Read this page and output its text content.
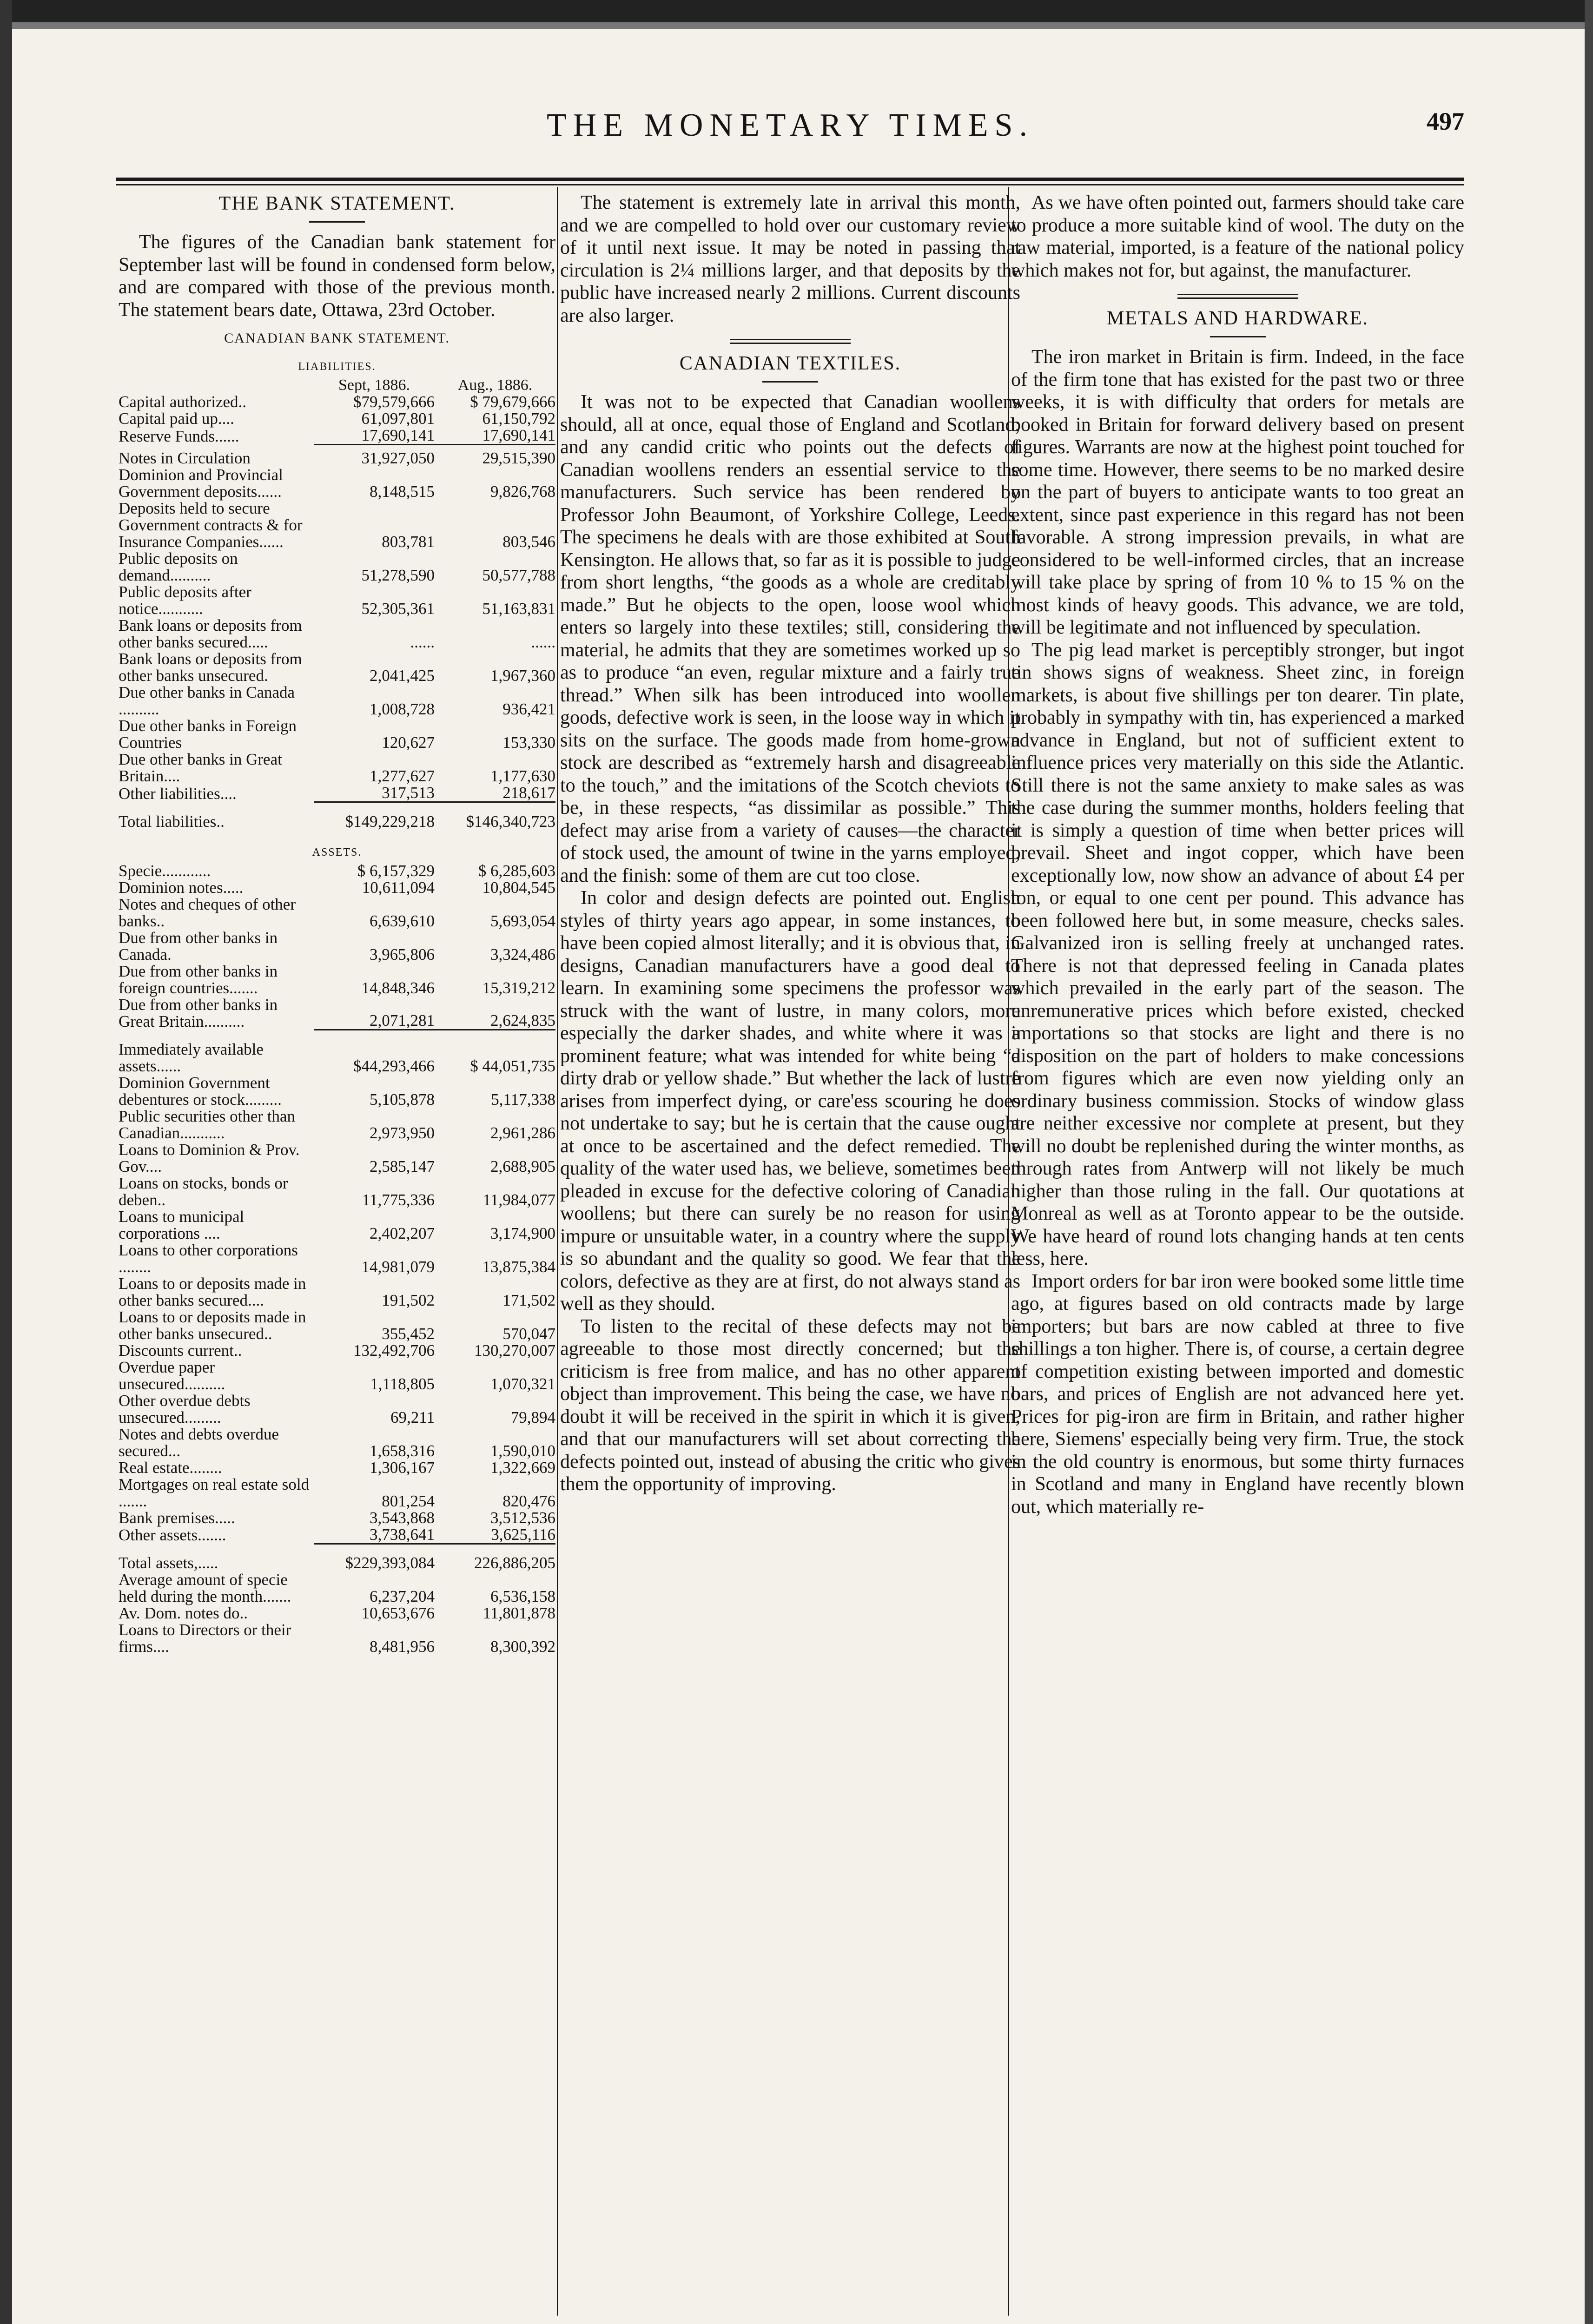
THE MONETARY TIMES.	497
THE BANK STATEMENT.

The figures of the Canadian bank statement for September last will be found in condensed form below, and are compared with those of the previous month. The statement bears date, Ottawa, 23rd October.

CANADIAN BANK STATEMENT.
LIABILITIES.		

	Sept, 1886.	Aug., 1886.
Capital authorized..	$79,579,666	$ 79,679,666
Capital paid up....	61,097,801	61,150,792
Reserve Funds......	17,690,141	17,690,141
Notes in Circulation	31,927,050	29,515,390
Dominion and Provincial Government deposits......	8,148,515	9,826,768
Deposits held to secure Government contracts & for Insurance Companies......	803,781	803,546
Public deposits on demand..........	51,278,590	50,577,788
Public deposits after notice...........	52,305,361	51,163,831
Bank loans or deposits from other banks secured.....	......	......
Bank loans or deposits from other banks unsecured.	2,041,425	1,967,360
Due other banks in Canada ..........	1,008,728	936,421
Due other banks in Foreign Countries	120,627	153,330
Due other banks in Great Britain....	1,277,627	1,177,630
Other liabilities....	317,513	218,617
Total liabilities..	$149,229,218	$146,340,723

ASSETS.		

Specie............	$ 6,157,329	$ 6,285,603
Dominion notes.....	10,611,094	10,804,545
Notes and cheques of other banks..	6,639,610	5,693,054
Due from other banks in Canada.	3,965,806	3,324,486
Due from other banks in foreign countries.......	14,848,346	15,319,212
Due from other banks in Great Britain..........	2,071,281	2,624,835
Immediately available assets......	$44,293,466	$ 44,051,735
Dominion Government debentures or stock.........	5,105,878	5,117,338
Public securities other than Canadian...........	2,973,950	2,961,286
Loans to Dominion & Prov. Gov....	2,585,147	2,688,905
Loans on stocks, bonds or deben..	11,775,336	11,984,077
Loans to municipal corporations ....	2,402,207	3,174,900
Loans to other corporations ........	14,981,079	13,875,384
Loans to or deposits made in other banks secured....	191,502	171,502
Loans to or deposits made in other banks unsecured..	355,452	570,047
Discounts current..	132,492,706	130,270,007
Overdue paper unsecured..........	1,118,805	1,070,321
Other overdue debts unsecured.........	69,211	79,894
Notes and debts overdue secured...	1,658,316	1,590,010
Real estate........	1,306,167	1,322,669
Mortgages on real estate sold .......	801,254	820,476
Bank premises.....	3,543,868	3,512,536
Other assets.......	3,738,641	3,625,116
Total assets,.....	$229,393,084	226,886,205
Average amount of specie held during the month.......	6,237,204	6,536,158
Av. Dom. notes do..	10,653,676	11,801,878
Loans to Directors or their firms....	8,481,956	8,300,392

The statement is extremely late in arrival this month, and we are compelled to hold over our customary review of it until next issue. It may be noted in passing that circulation is 2¼ millions larger, and that deposits by the public have increased nearly 2 millions. Current discounts are also larger.

CANADIAN TEXTILES.

It was not to be expected that Canadian woollens should, all at once, equal those of England and Scotland; and any candid critic who points out the defects of Canadian woollens renders an essential service to the manufacturers. Such service has been rendered by Professor John Beaumont, of Yorkshire College, Leeds. The specimens he deals with are those exhibited at South Kensington. He allows that, so far as it is possible to judge from short lengths, “the goods as a whole are creditably made.” But he objects to the open, loose wool which enters so largely into these textiles; still, considering the material, he admits that they are sometimes worked up so as to produce “an even, regular mixture and a fairly true thread.” When silk has been introduced into woollen goods, defective work is seen, in the loose way in which it sits on the surface. The goods made from home-grown stock are described as “extremely harsh and disagreeable to the touch,” and the imitations of the Scotch cheviots to be, in these respects, “as dissimilar as possible.” This defect may arise from a variety of causes—the character of stock used, the amount of twine in the yarns employed, and the finish: some of them are cut too close.

In color and design defects are pointed out. English styles of thirty years ago appear, in some instances, to have been copied almost literally; and it is obvious that, in designs, Canadian manufacturers have a good deal to learn. In examining some specimens the professor was struck with the want of lustre, in many colors, more especially the darker shades, and white where it was a prominent feature; what was intended for white being “a dirty drab or yellow shade.” But whether the lack of lustre arises from imperfect dying, or care'ess scouring he does not undertake to say; but he is certain that the cause ought at once to be ascertained and the defect remedied. The quality of the water used has, we believe, sometimes been pleaded in excuse for the defective coloring of Canadian woollens; but there can surely be no reason for using impure or unsuitable water, in a country where the supply is so abundant and the quality so good. We fear that the colors, defective as they are at first, do not always stand as well as they should.

To listen to the recital of these defects may not be agreeable to those most directly concerned; but the criticism is free from malice, and has no other apparent object than improvement. This being the case, we have no doubt it will be received in the spirit in which it is given, and that our manufacturers will set about correcting the defects pointed out, instead of abusing the critic who gives them the opportunity of improving.

As we have often pointed out, farmers should take care to produce a more suitable kind of wool. The duty on the raw material, imported, is a feature of the national policy which makes not for, but against, the manufacturer.

METALS AND HARDWARE.

The iron market in Britain is firm. Indeed, in the face of the firm tone that has existed for the past two or three weeks, it is with difficulty that orders for metals are booked in Britain for forward delivery based on present figures. Warrants are now at the highest point touched for some time. However, there seems to be no marked desire on the part of buyers to anticipate wants to too great an extent, since past experience in this regard has not been favorable. A strong impression prevails, in what are considered to be well-informed circles, that an increase will take place by spring of from 10 % to 15 % on the most kinds of heavy goods. This advance, we are told, will be legitimate and not influenced by speculation.

The pig lead market is perceptibly stronger, but ingot tin shows signs of weakness. Sheet zinc, in foreign markets, is about five shillings per ton dearer. Tin plate, probably in sympathy with tin, has experienced a marked advance in England, but not of sufficient extent to influence prices very materially on this side the Atlantic. Still there is not the same anxiety to make sales as was the case during the summer months, holders feeling that it is simply a question of time when better prices will prevail. Sheet and ingot copper, which have been exceptionally low, now show an advance of about £4 per ton, or equal to one cent per pound. This advance has been followed here but, in some measure, checks sales. Galvanized iron is selling freely at unchanged rates. There is not that depressed feeling in Canada plates which prevailed in the early part of the season. The unremunerative prices which before existed, checked importations so that stocks are light and there is no disposition on the part of holders to make concessions from figures which are even now yielding only an ordinary business commission. Stocks of window glass are neither excessive nor complete at present, but they will no doubt be replenished during the winter months, as through rates from Antwerp will not likely be much higher than those ruling in the fall. Our quotations at Monreal as well as at Toronto appear to be the outside. We have heard of round lots changing hands at ten cents less, here.

Import orders for bar iron were booked some little time ago, at figures based on old contracts made by large importers; but bars are now cabled at three to five shillings a ton higher. There is, of course, a certain degree of competition existing between imported and domestic bars, and prices of English are not advanced here yet. Prices for pig-iron are firm in Britain, and rather higher here, Siemens' especially being very firm. True, the stock in the old country is enormous, but some thirty furnaces in Scotland and many in England have recently blown out, which materially re-
